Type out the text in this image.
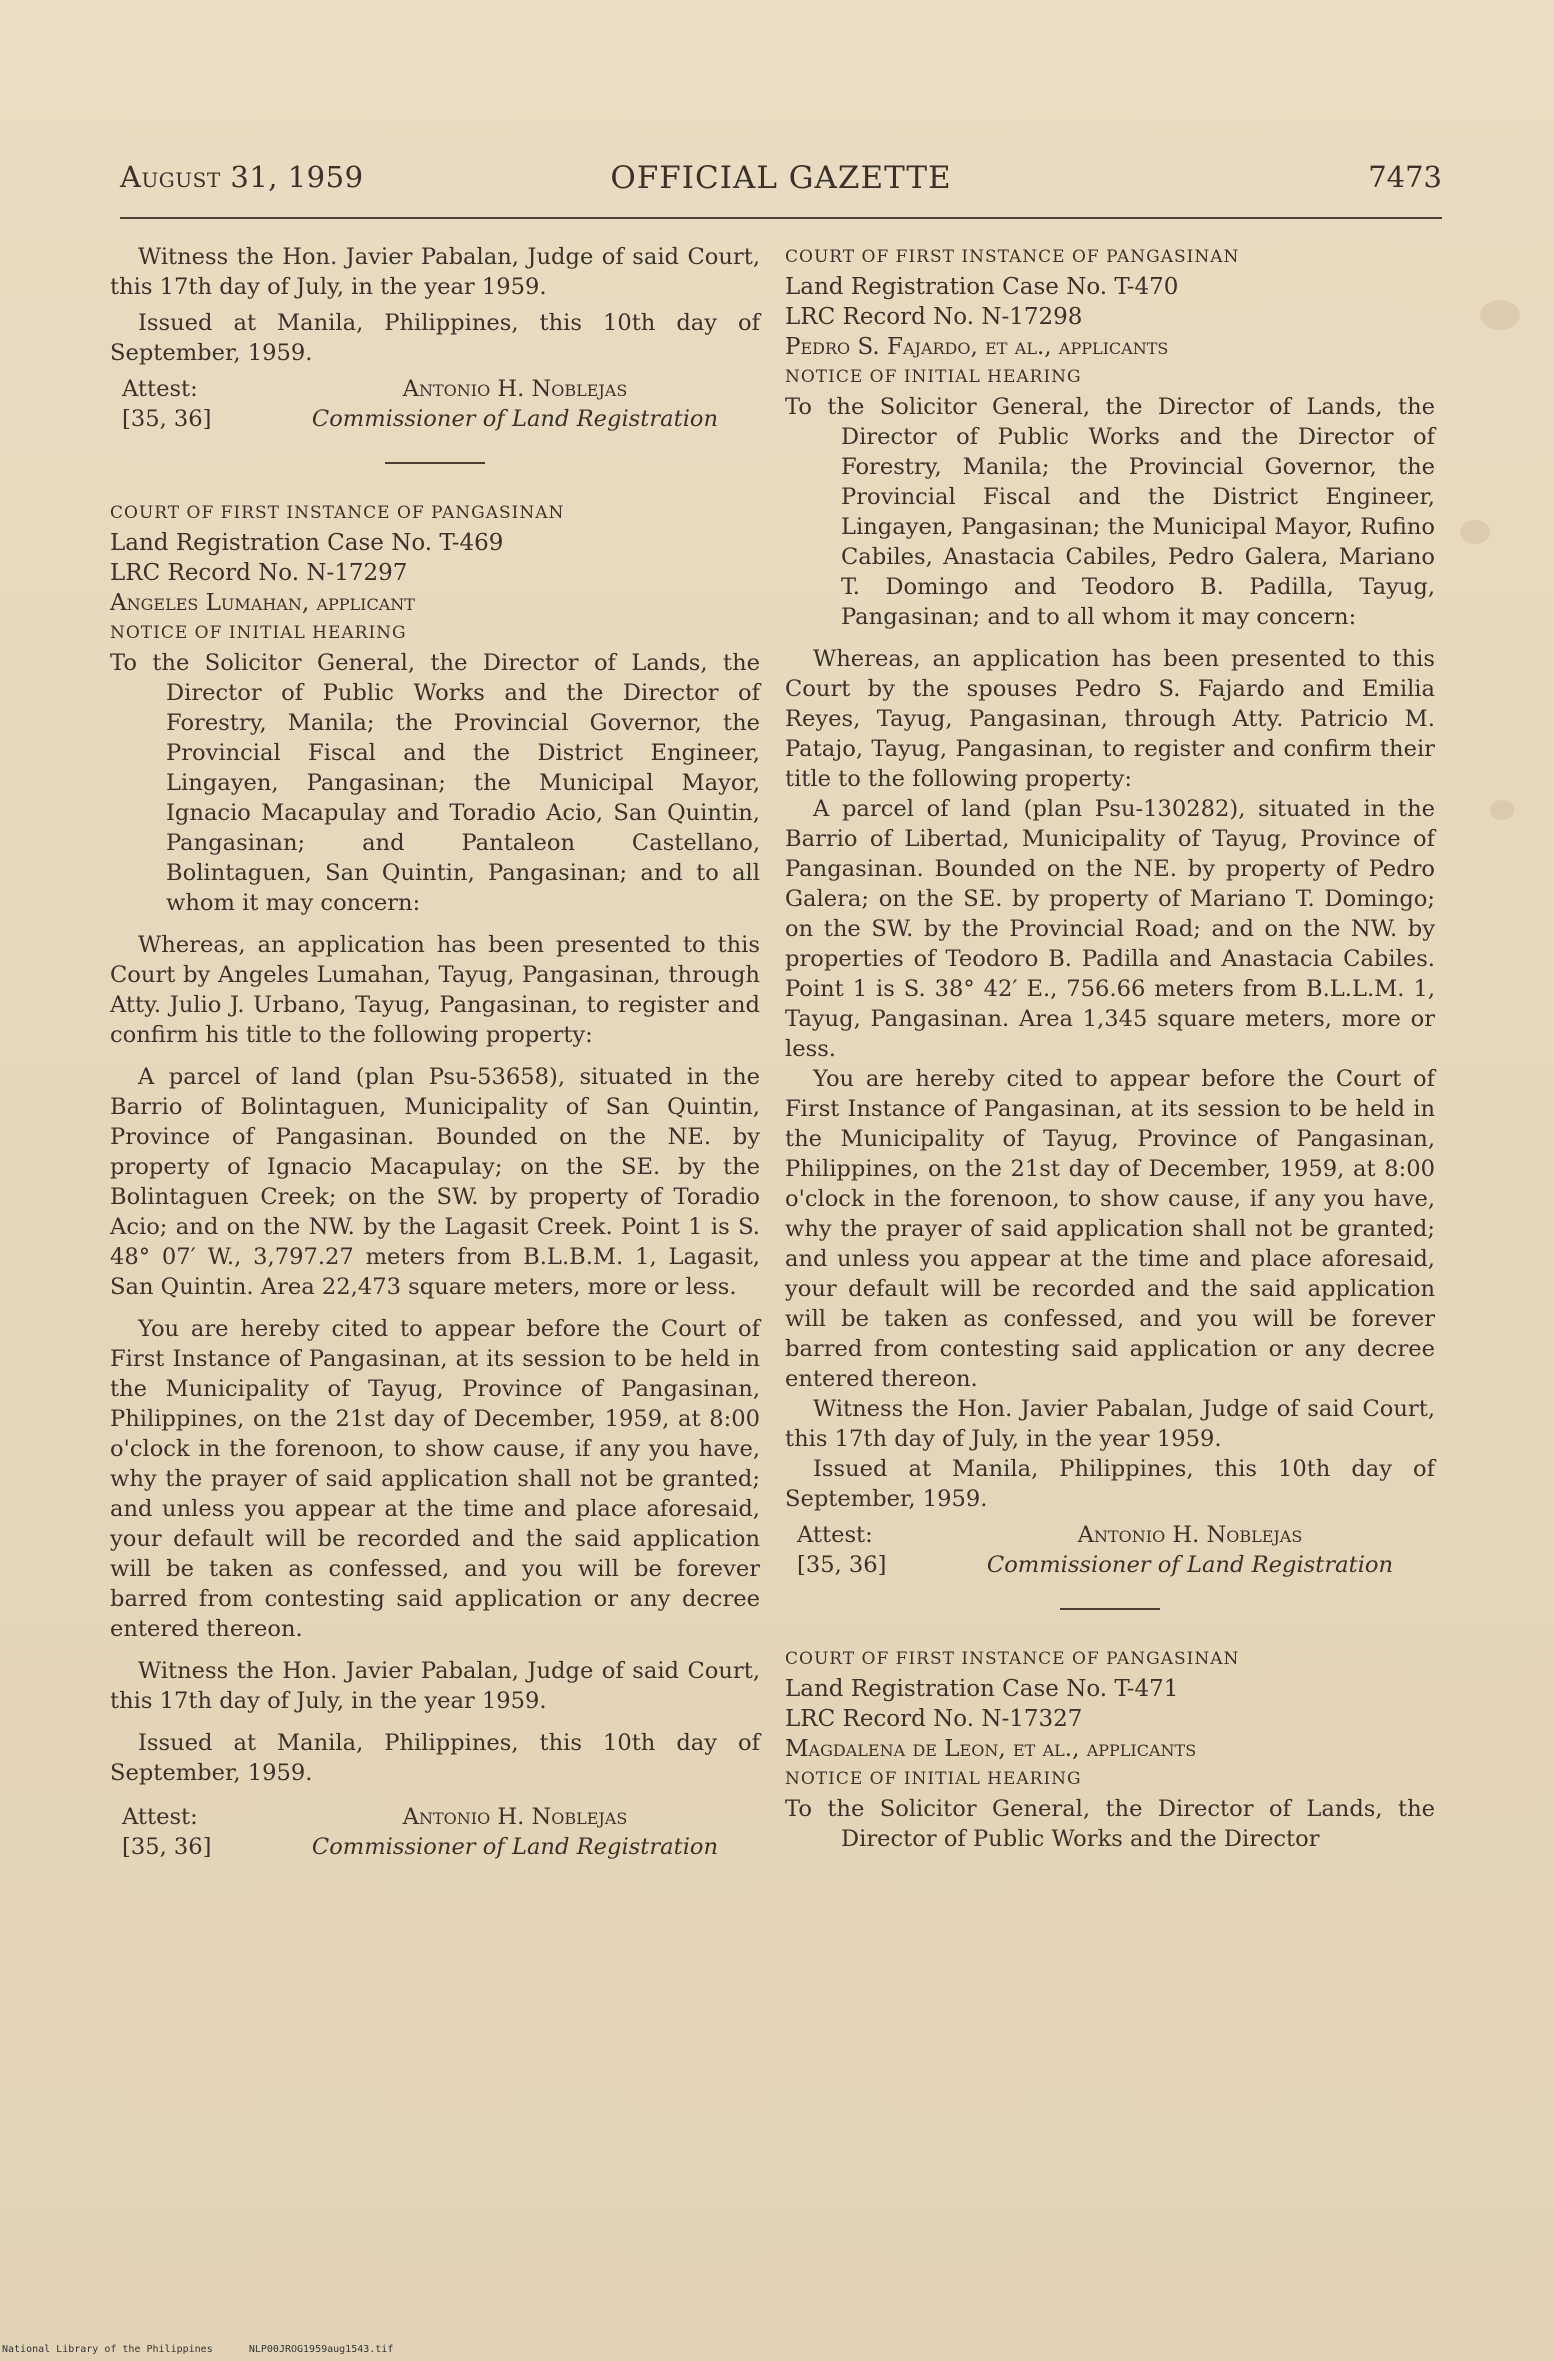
August 31, 1959	OFFICIAL GAZETTE	7473

Witness the Hon. Javier Pabalan, Judge of said Court, this 17th day of July, in the year 1959.

Issued at Manila, Philippines, this 10th day of September, 1959.

Attest:
[35, 36]
Antonio H. Noblejas
Commissioner of Land Registration

COURT OF FIRST INSTANCE OF PANGASINAN

Land Registration Case No. T-469

LRC Record No. N-17297

Angeles Lumahan, applicant

NOTICE OF INITIAL HEARING

To the Solicitor General, the Director of Lands, the Director of Public Works and the Director of Forestry, Manila; the Provincial Governor, the Provincial Fiscal and the District Engineer, Lingayen, Pangasinan; the Municipal Mayor, Ignacio Macapulay and Toradio Acio, San Quintin, Pangasinan; and Pantaleon Castellano, Bolintaguen, San Quintin, Pangasinan; and to all whom it may concern:

Whereas, an application has been presented to this Court by Angeles Lumahan, Tayug, Pangasinan, through Atty. Julio J. Urbano, Tayug, Pangasinan, to register and confirm his title to the following property:

A parcel of land (plan Psu-53658), situated in the Barrio of Bolintaguen, Municipality of San Quintin, Province of Pangasinan. Bounded on the NE. by property of Ignacio Macapulay; on the SE. by the Bolintaguen Creek; on the SW. by property of Toradio Acio; and on the NW. by the Lagasit Creek. Point 1 is S. 48° 07′ W., 3,797.27 meters from B.L.B.M. 1, Lagasit, San Quintin. Area 22,473 square meters, more or less.

You are hereby cited to appear before the Court of First Instance of Pangasinan, at its session to be held in the Municipality of Tayug, Province of Pangasinan, Philippines, on the 21st day of December, 1959, at 8:00 o'clock in the forenoon, to show cause, if any you have, why the prayer of said application shall not be granted; and unless you appear at the time and place aforesaid, your default will be recorded and the said application will be taken as confessed, and you will be forever barred from contesting said application or any decree entered thereon.

Witness the Hon. Javier Pabalan, Judge of said Court, this 17th day of July, in the year 1959.

Issued at Manila, Philippines, this 10th day of September, 1959.

Attest:
[35, 36]
Antonio H. Noblejas
Commissioner of Land Registration

COURT OF FIRST INSTANCE OF PANGASINAN

Land Registration Case No. T-470

LRC Record No. N-17298

Pedro S. Fajardo, et al., applicants

NOTICE OF INITIAL HEARING

To the Solicitor General, the Director of Lands, the Director of Public Works and the Director of Forestry, Manila; the Provincial Governor, the Provincial Fiscal and the District Engineer, Lingayen, Pangasinan; the Municipal Mayor, Rufino Cabiles, Anastacia Cabiles, Pedro Galera, Mariano T. Domingo and Teodoro B. Padilla, Tayug, Pangasinan; and to all whom it may concern:

Whereas, an application has been presented to this Court by the spouses Pedro S. Fajardo and Emilia Reyes, Tayug, Pangasinan, through Atty. Patricio M. Patajo, Tayug, Pangasinan, to register and confirm their title to the following property:

A parcel of land (plan Psu-130282), situated in the Barrio of Libertad, Municipality of Tayug, Province of Pangasinan. Bounded on the NE. by property of Pedro Galera; on the SE. by property of Mariano T. Domingo; on the SW. by the Provincial Road; and on the NW. by properties of Teodoro B. Padilla and Anastacia Cabiles. Point 1 is S. 38° 42′ E., 756.66 meters from B.L.L.M. 1, Tayug, Pangasinan. Area 1,345 square meters, more or less.

You are hereby cited to appear before the Court of First Instance of Pangasinan, at its session to be held in the Municipality of Tayug, Province of Pangasinan, Philippines, on the 21st day of December, 1959, at 8:00 o'clock in the forenoon, to show cause, if any you have, why the prayer of said application shall not be granted; and unless you appear at the time and place aforesaid, your default will be recorded and the said application will be taken as confessed, and you will be forever barred from contesting said application or any decree entered thereon.

Witness the Hon. Javier Pabalan, Judge of said Court, this 17th day of July, in the year 1959.

Issued at Manila, Philippines, this 10th day of September, 1959.

Attest:
[35, 36]
Antonio H. Noblejas
Commissioner of Land Registration

COURT OF FIRST INSTANCE OF PANGASINAN

Land Registration Case No. T-471

LRC Record No. N-17327

Magdalena de Leon, et al., applicants

NOTICE OF INITIAL HEARING

To the Solicitor General, the Director of Lands, the Director of Public Works and the Director

National Library of the Philippines      NLP00JROG1959aug1543.tif
